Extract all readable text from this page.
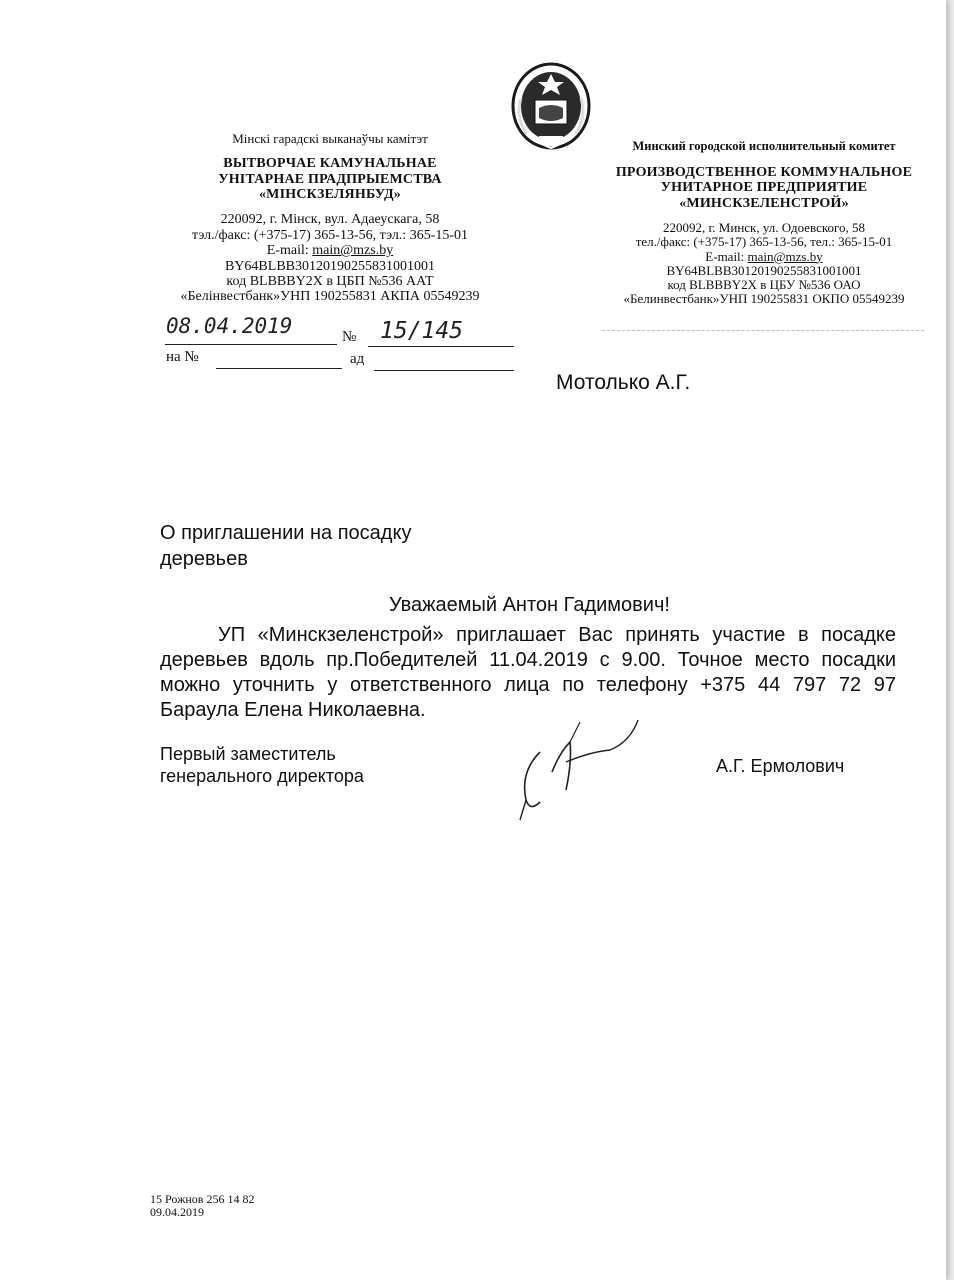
Мінскі гарадскі выканаўчы камітэт
ВЫТВОРЧАЕ КАМУНАЛЬНАЕ
УНІТАРНАЕ ПРАДПРЫЕМСТВА
«МІНСКЗЕЛЯНБУД»
220092, г. Мінск, вул. Адаеускага, 58
тэл./факс: (+375-17) 365-13-56, тэл.: 365-15-01
E-mail: main@mzs.by
BY64BLBB30120190255831001001
код BLBBBY2X в ЦБП №536 ААТ
«Белінвестбанк»УНП 190255831 АКПА 05549239
Минский городской исполнительный комитет
ПРОИЗВОДСТВЕННОЕ КОММУНАЛЬНОЕ
УНИТАРНОЕ ПРЕДПРИЯТИЕ
«МИНСКЗЕЛЕНСТРОЙ»
220092, г. Минск, ул. Одоевского, 58
тел./факс: (+375-17) 365-13-56, тел.: 365-15-01
E-mail: main@mzs.by
BY64BLBB30120190255831001001
код BLBBBY2X в ЦБУ №536 ОАО
«Белинвестбанк»УНП 190255831 ОКПО 05549239
08.04.2019	№ 15/145
на №	ад
Мотолько А.Г.
О приглашении на посадку
деревьев
Уважаемый Антон Гадимович!
УП «Минскзеленстрой» приглашает Вас принять участие в посадке деревьев вдоль пр.Победителей 11.04.2019 с 9.00. Точное место посадки можно уточнить у ответственного лица по телефону +375 44 797 72 97 Бараула Елена Николаевна.
Первый заместитель
генерального директора	А.Г. Ермолович
15 Рожнов 256 14 82
09.04.2019
